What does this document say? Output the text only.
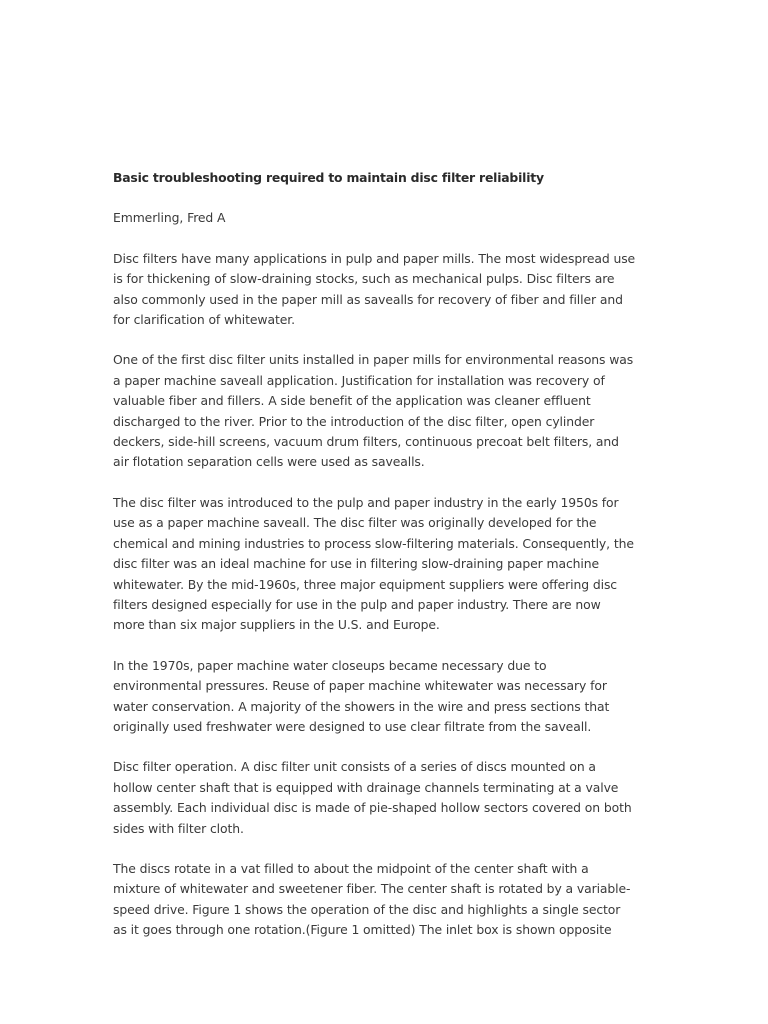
Basic troubleshooting required to maintain disc filter reliability
Emmerling, Fred A
Disc filters have many applications in pulp and paper mills. The most widespread use
is for thickening of slow-draining stocks, such as mechanical pulps. Disc filters are
also commonly used in the paper mill as savealls for recovery of fiber and filler and
for clarification of whitewater.
One of the first disc filter units installed in paper mills for environmental reasons was
a paper machine saveall application. Justification for installation was recovery of
valuable fiber and fillers. A side benefit of the application was cleaner effluent
discharged to the river. Prior to the introduction of the disc filter, open cylinder
deckers, side-hill screens, vacuum drum filters, continuous precoat belt filters, and
air flotation separation cells were used as savealls.
The disc filter was introduced to the pulp and paper industry in the early 1950s for
use as a paper machine saveall. The disc filter was originally developed for the
chemical and mining industries to process slow-filtering materials. Consequently, the
disc filter was an ideal machine for use in filtering slow-draining paper machine
whitewater. By the mid-1960s, three major equipment suppliers were offering disc
filters designed especially for use in the pulp and paper industry. There are now
more than six major suppliers in the U.S. and Europe.
In the 1970s, paper machine water closeups became necessary due to
environmental pressures. Reuse of paper machine whitewater was necessary for
water conservation. A majority of the showers in the wire and press sections that
originally used freshwater were designed to use clear filtrate from the saveall.
Disc filter operation. A disc filter unit consists of a series of discs mounted on a
hollow center shaft that is equipped with drainage channels terminating at a valve
assembly. Each individual disc is made of pie-shaped hollow sectors covered on both
sides with filter cloth.
The discs rotate in a vat filled to about the midpoint of the center shaft with a
mixture of whitewater and sweetener fiber. The center shaft is rotated by a variable-
speed drive. Figure 1 shows the operation of the disc and highlights a single sector
as it goes through one rotation.(Figure 1 omitted) The inlet box is shown opposite
